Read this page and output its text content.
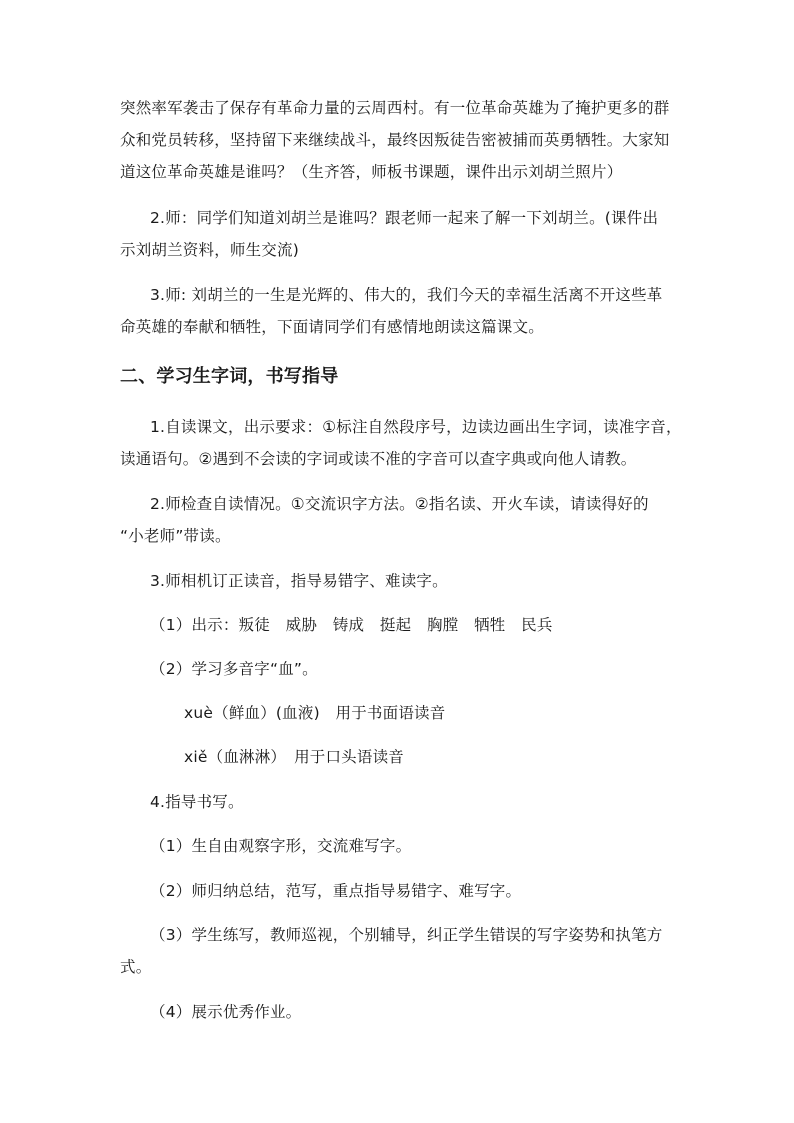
突然率军袭击了保存有革命力量的云周西村。有一位革命英雄为了掩护更多的群
众和党员转移，坚持留下来继续战斗，最终因叛徒告密被捕而英勇牺牲。大家知
道这位革命英雄是谁吗？（生齐答，师板书课题，课件出示刘胡兰照片）
2.师：同学们知道刘胡兰是谁吗？跟老师一起来了解一下刘胡兰。(课件出
示刘胡兰资料，师生交流)
3.师: 刘胡兰的一生是光辉的、伟大的，我们今天的幸福生活离不开这些革
命英雄的奉献和牺牲，下面请同学们有感情地朗读这篇课文。
二、学习生字词，书写指导
1.自读课文，出示要求：①标注自然段序号，边读边画出生字词，读准字音，
读通语句。②遇到不会读的字词或读不准的字音可以查字典或向他人请教。
2.师检查自读情况。①交流识字方法。②指名读、开火车读，请读得好的
“小老师”带读。
3.师相机订正读音，指导易错字、难读字。
（1）出示：叛徒　威胁　铸成　挺起　胸膛　牺牲　民兵
（2）学习多音字“血”。
xuè（鲜血）(血液)　用于书面语读音
xiě（血淋淋）　用于口头语读音
4.指导书写。
（1）生自由观察字形，交流难写字。
（2）师归纳总结，范写，重点指导易错字、难写字。
（3）学生练写，教师巡视，个别辅导，纠正学生错误的写字姿势和执笔方
式。
（4）展示优秀作业。
